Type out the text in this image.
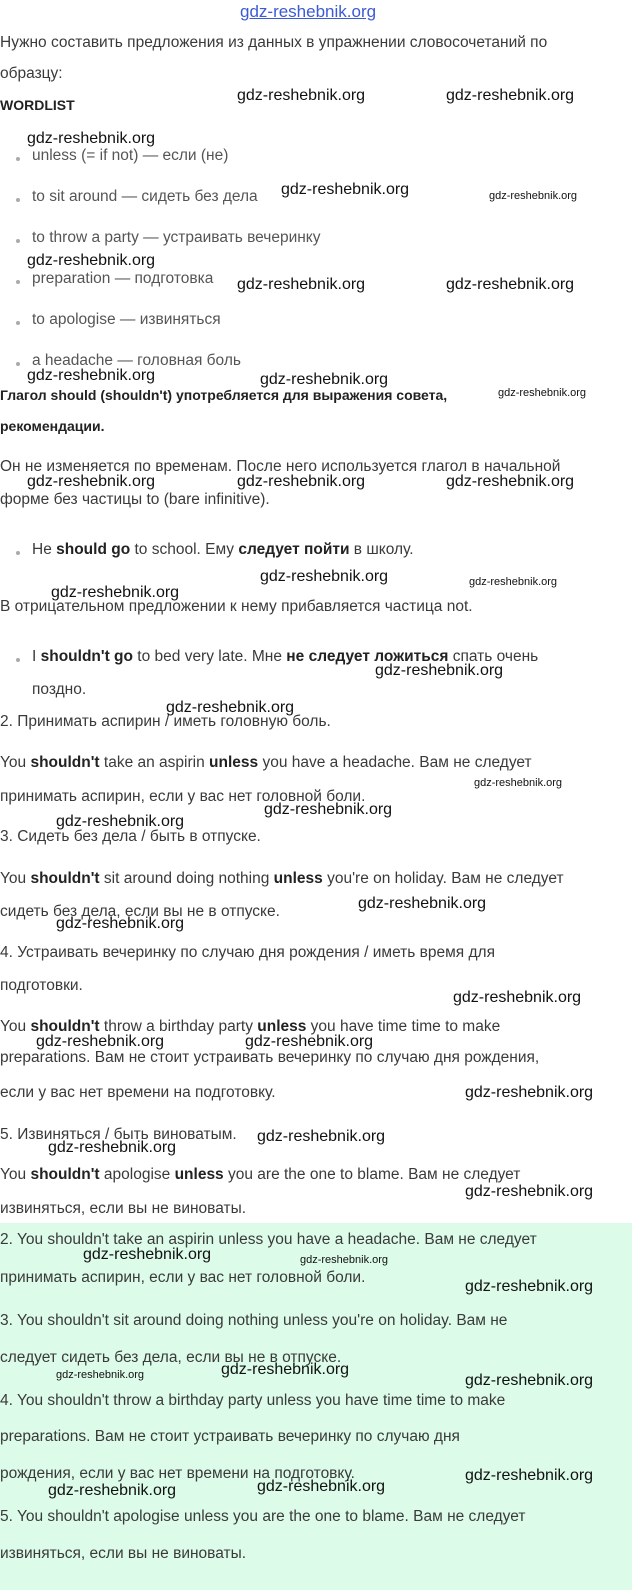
gdz-reshebnik.org
Нужно составить предложения из данных в упражнении словосочетаний по
образцу:
WORDLIST
unless (= if not) — если (не)
to sit around — сидеть без дела
to throw a party — устраивать вечеринку
preparation — подготовка
to apologise — извиняться
a headache — головная боль
Глагол should (shouldn't) употребляется для выражения совета,
рекомендации.
Он не изменяется по временам. После него используется глагол в начальной
форме без частицы to (bare infinitive).
He should go to school. Ему следует пойти в школу.
В отрицательном предложении к нему прибавляется частица not.
I shouldn't go to bed very late. Мне не следует ложиться спать очень
поздно.
2. Принимать аспирин / иметь головную боль.
You shouldn't take an aspirin unless you have a headache. Вам не следует
принимать аспирин, если у вас нет головной боли.
3. Сидеть без дела / быть в отпуске.
You shouldn't sit around doing nothing unless you're on holiday. Вам не следует
сидеть без дела, если вы не в отпуске.
4. Устраивать вечеринку по случаю дня рождения / иметь время для
подготовки.
You shouldn't throw a birthday party unless you have time time to make
preparations. Вам не стоит устраивать вечеринку по случаю дня рождения,
если у вас нет времени на подготовку.
5. Извиняться / быть виноватым.
You shouldn't apologise unless you are the one to blame. Вам не следует
извиняться, если вы не виноваты.
2. You shouldn't take an aspirin unless you have a headache. Вам не следует
принимать аспирин, если у вас нет головной боли.
3. You shouldn't sit around doing nothing unless you're on holiday. Вам не
следует сидеть без дела, если вы не в отпуске.
4. You shouldn't throw a birthday party unless you have time time to make
preparations. Вам не стоит устраивать вечеринку по случаю дня
рождения, если у вас нет времени на подготовку.
5. You shouldn't apologise unless you are the one to blame. Вам не следует
извиняться, если вы не виноваты.
gdz-reshebnik.org	gdz-reshebnik.org
gdz-reshebnik.org
gdz-reshebnik.org	gdz-reshebnik.org
gdz-reshebnik.org
gdz-reshebnik.org	gdz-reshebnik.org
gdz-reshebnik.org	gdz-reshebnik.org
gdz-reshebnik.org
gdz-reshebnik.org	gdz-reshebnik.org	gdz-reshebnik.org
gdz-reshebnik.org	gdz-reshebnik.org
gdz-reshebnik.org
gdz-reshebnik.org
gdz-reshebnik.org
gdz-reshebnik.org
gdz-reshebnik.org
gdz-reshebnik.org
gdz-reshebnik.org
gdz-reshebnik.org
gdz-reshebnik.org
gdz-reshebnik.org	gdz-reshebnik.org
gdz-reshebnik.org
gdz-reshebnik.org
gdz-reshebnik.org
gdz-reshebnik.org
gdz-reshebnik.org	gdz-reshebnik.org
gdz-reshebnik.org
gdz-reshebnik.org	gdz-reshebnik.org
gdz-reshebnik.org
gdz-reshebnik.org
gdz-reshebnik.org	gdz-reshebnik.org
